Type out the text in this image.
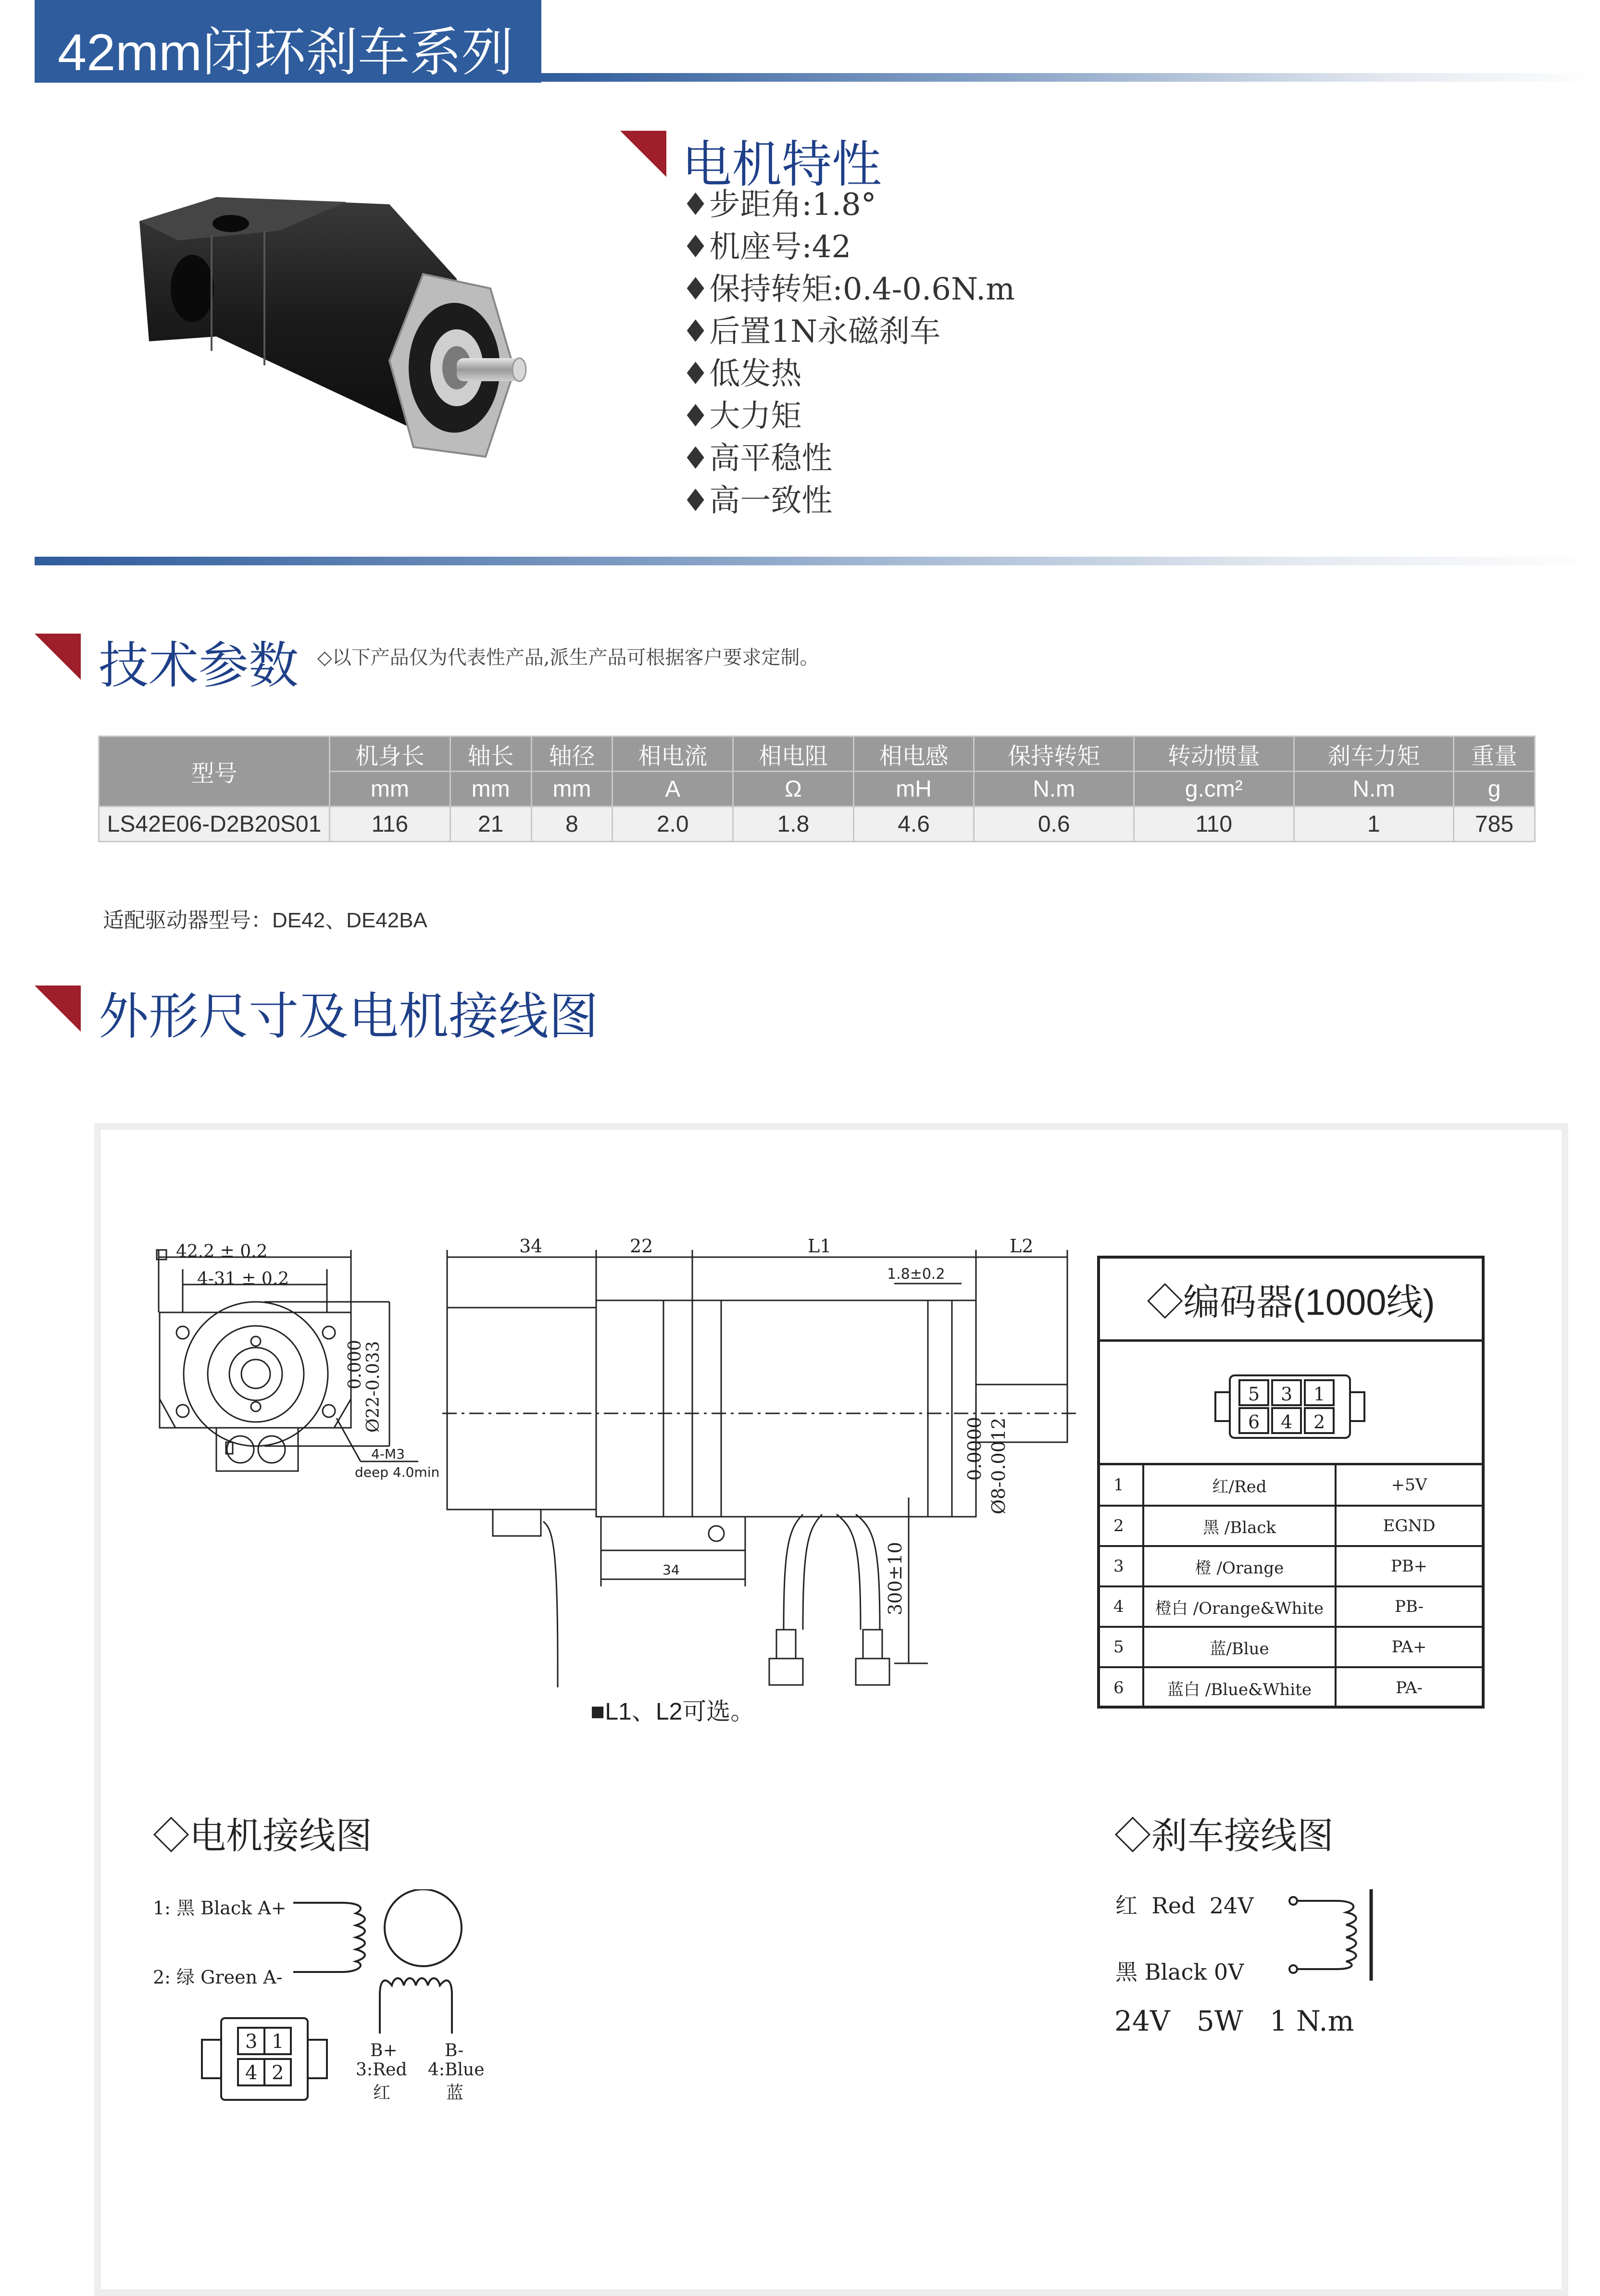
42mm闭环刹车系列
电机特性
♦步距角:1.8°
♦机座号:42
♦保持转矩:0.4-0.6N.m
♦后置1N永磁刹车
♦低发热
♦大力矩
♦高平稳性
♦高一致性
技术参数 ◇以下产品仅为代表性产品,派生产品可根据客户要求定制。
型号	机身长	轴长	轴径	相电流	相电阻	相电感	保持转矩	转动惯量	刹车力矩	重量
	mm	mm	mm	A	Ω	mH	N.m	g.cm²	N.m	g
LS42E06-D2B20S01	116	21	8	2.0	1.8	4.6	0.6	110	1	785
适配驱动器型号：DE42、DE42BA
外形尺寸及电机接线图
42.2 ± 0.2
4-31 ± 0.2
Ø22-0.033
0.000
4-M3
deep 4.0min
34	22	L1	L2
1.8±0.2
Ø8-0.0012
0.0000
34	300±10
■L1、L2可选。
◇编码器(1000线)
5 3 1
6 4 2
1	红/Red	+5V
2	黑 /Black	EGND
3	橙 /Orange	PB+
4	橙白 /Orange&White	PB-
5	蓝/Blue	PA+
6	蓝白 /Blue&White	PA-
◇电机接线图
1: 黑 Black A+
2: 绿 Green A-
3 1
4 2
B+
3:Red
红
B-
4:Blue
蓝
◇刹车接线图
红  Red  24V
黑 Black 0V
24V   5W   1 N.m
